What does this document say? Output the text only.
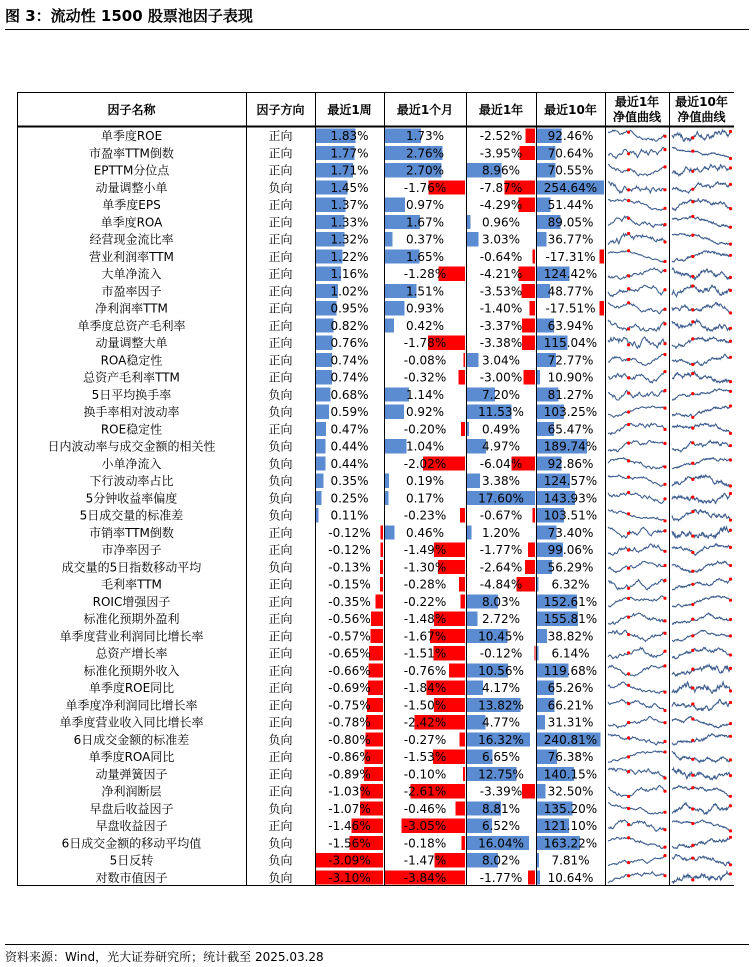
图 3：流动性 1500 股票池因子表现
因子名称	因子方向 最近1周 最近1个月 最近1年 最近10年
最近1年
净值曲线
最近10年
净值曲线
单季度ROE	正向	1.83%	1.73%	-2.52% 92.46%
市盈率TTM倒数	正向	1.77%	2.76%	-3.95% 70.64%
EPTTM分位点	正向	1.71%	2.70%	8.96% 70.55%
动量调整小单	负向	1.45%	-1.76%	-7.87% 254.64%
单季度EPS	正向	1.37%	0.97%	-4.29% 51.44%
单季度ROA	正向	1.33%	1.67%	0.96% 89.05%
经营现金流比率	正向	1.32%	0.37%	3.03% 36.77%
营业利润率TTM	正向	1.22%	1.65%	-0.64% -17.31%
大单净流入	正向	1.16%	-1.28%	-4.21% 124.42%
市盈率因子	正向	1.02%	1.51%	-3.53% 48.77%
净利润率TTM	正向	0.95%	0.93%	-1.40% -17.51%
单季度总资产毛利率	正向	0.82%	0.42%	-3.37% 63.94%
动量调整大单	正向	0.76%	-1.78%	-3.38% 115.04%
ROA稳定性	正向	0.74%	-0.08%	3.04% 72.77%
总资产毛利率TTM	正向	0.74%	-0.32%	-3.00% 10.90%
5日平均换手率	负向	0.68%	1.14%	7.20% 81.27%
换手率相对波动率	负向	0.59%	0.92%	11.53% 103.25%
ROE稳定性	正向	0.47%	-0.20%	0.49% 65.47%
日内波动率与成交金额的相关性	负向	0.44%	1.04%	4.97% 189.74%
小单净流入	负向	0.44%	-2.02%	-6.04% 92.86%
下行波动率占比	负向	0.35%	0.19%	3.38% 124.57%
5分钟收益率偏度	负向	0.25%	0.17%	17.60% 143.93%
5日成交量的标准差	负向	0.11%	-0.23%	-0.67% 103.51%
市销率TTM倒数	正向	-0.12%	0.46%	1.20% 73.40%
市净率因子	正向	-0.12%	-1.49%	-1.77% 99.06%
成交量的5日指数移动平均	负向	-0.13%	-1.30%	-2.64% 56.29%
毛利率TTM	正向	-0.15%	-0.28%	-4.84% 6.32%
ROIC增强因子	正向	-0.35%	-0.22%	8.03% 152.61%
标准化预期外盈利	正向	-0.56%	-1.48%	2.72% 155.81%
单季度营业利润同比增长率	正向	-0.57%	-1.67%	10.45% 38.82%
总资产增长率	正向	-0.65%	-1.51%	-0.12% 6.14%
标准化预期外收入	正向	-0.66%	-0.76%	10.56% 119.68%
单季度ROE同比	正向	-0.69%	-1.84%	4.17% 65.26%
单季度净利润同比增长率	正向	-0.75%	-1.50%	13.82% 66.21%
单季度营业收入同比增长率	正向	-0.78%	-2.42%	4.77% 31.31%
6日成交金额的标准差	负向	-0.80%	-0.27%	16.32% 240.81%
单季度ROA同比	正向	-0.86%	-1.53%	6.65% 76.38%
动量弹簧因子	正向	-0.89%	-0.10%	12.75% 140.15%
净利润断层	正向	-1.03%	-2.61%	-3.39% 32.50%
早盘后收益因子	负向	-1.07%	-0.46%	8.81% 135.20%
早盘收益因子	正向	-1.46%	-3.05%	6.52% 121.10%
6日成交金额的移动平均值	负向	-1.56%	-0.18%	16.04% 163.22%
5日反转	负向	-3.09%	-1.47%	8.02%	7.81%
对数市值因子	负向	-3.10%	-3.84%	-1.77% 10.64%
资料来源：Wind，光大证券研究所；统计截至 2025.03.28
